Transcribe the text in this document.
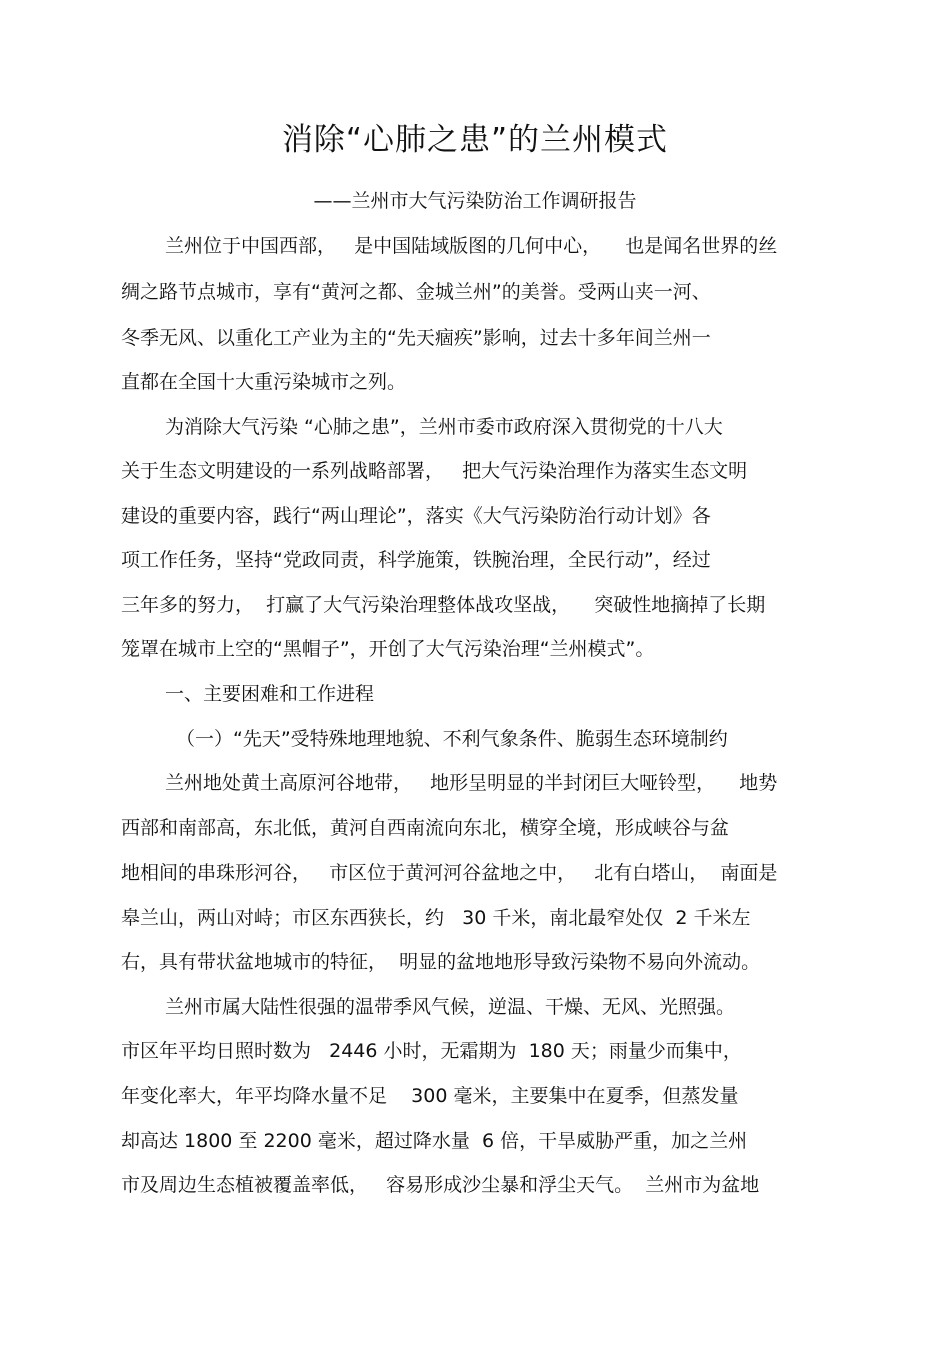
消除“心肺之患”的兰州模式
——兰州市大气污染防治工作调研报告
兰州位于中国西部，   是中国陆域版图的几何中心，    也是闻名世界的丝
绸之路节点城市，享有“黄河之都、金城兰州”的美誉。受两山夹一河、
冬季无风、以重化工产业为主的“先天痼疾”影响，过去十多年间兰州一
直都在全国十大重污染城市之列。
为消除大气污染 “心肺之患”，兰州市委市政府深入贯彻党的十八大
关于生态文明建设的一系列战略部署，   把大气污染治理作为落实生态文明
建设的重要内容，践行“两山理论”，落实《大气污染防治行动计划》各
项工作任务，坚持“党政同责，科学施策，铁腕治理，全民行动”，经过
三年多的努力，  打赢了大气污染治理整体战攻坚战，    突破性地摘掉了长期
笼罩在城市上空的“黑帽子”，开创了大气污染治理“兰州模式”。
一、主要困难和工作进程
（一）“先天”受特殊地理地貌、不利气象条件、脆弱生态环境制约
兰州地处黄土高原河谷地带，   地形呈明显的半封闭巨大哑铃型，    地势
西部和南部高，东北低，黄河自西南流向东北，横穿全境，形成峡谷与盆
地相间的串珠形河谷，   市区位于黄河河谷盆地之中，   北有白塔山，  南面是
皋兰山，两山对峙；市区东西狭长，约   30 千米，南北最窄处仅  2 千米左
右，具有带状盆地城市的特征，  明显的盆地地形导致污染物不易向外流动。
兰州市属大陆性很强的温带季风气候，逆温、干燥、无风、光照强。
市区年平均日照时数为   2446 小时，无霜期为  180 天；雨量少而集中，
年变化率大，年平均降水量不足    300 毫米，主要集中在夏季，但蒸发量
却高达 1800 至 2200 毫米，超过降水量  6 倍，干旱威胁严重，加之兰州
市及周边生态植被覆盖率低，   容易形成沙尘暴和浮尘天气。  兰州市为盆地
